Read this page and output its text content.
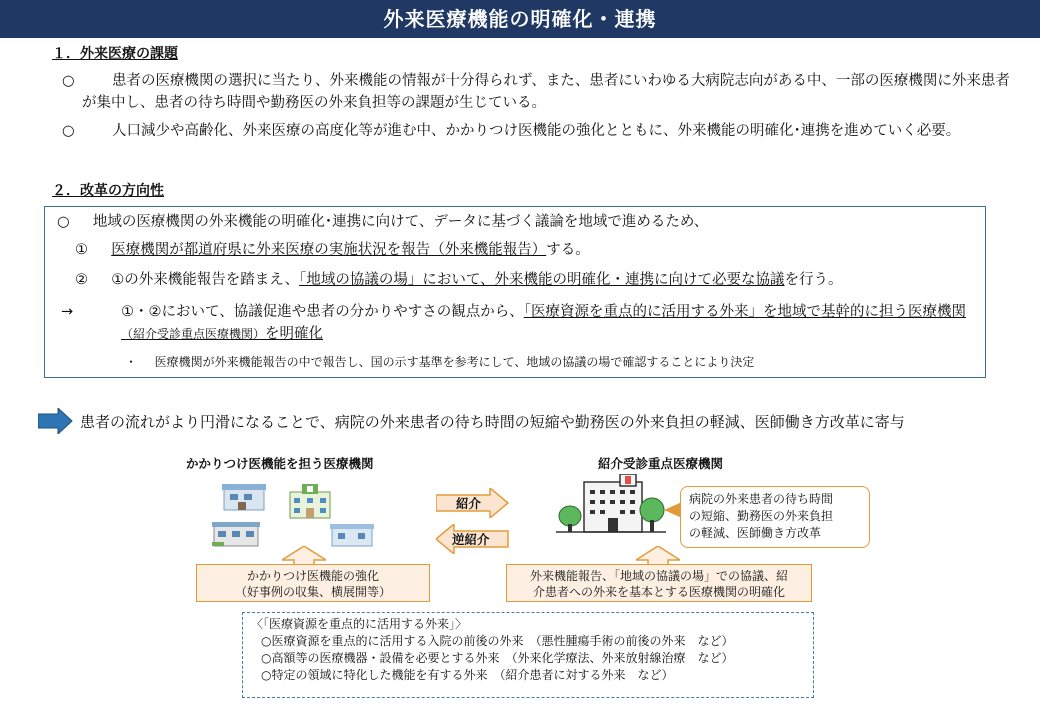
外来医療機能の明確化・連携
１．外来医療の課題
○	患者の医療機関の選択に当たり、外来機能の情報が十分得られず、また、患者にいわゆる大病院志向がある中、一部の医療機関に外来患者が集中し、患者の待ち時間や勤務医の外来負担等の課題が生じている。
○	人口減少や高齢化、外来医療の高度化等が進む中、かかりつけ医機能の強化とともに、外来機能の明確化･連携を進めていく必要。
２．改革の方向性
○ 地域の医療機関の外来機能の明確化･連携に向けて、データに基づく議論を地域で進めるため、
① 医療機関が都道府県に外来医療の実施状況を報告（外来機能報告）する。
② ①の外来機能報告を踏まえ、「地域の協議の場」において、外来機能の明確化・連携に向けて必要な協議を行う。
→	①・②において、協議促進や患者の分かりやすさの観点から、「医療資源を重点的に活用する外来」を地域で基幹的に担う医療機関（紹介受診重点医療機関）を明確化
・ 医療機関が外来機能報告の中で報告し、国の示す基準を参考にして、地域の協議の場で確認することにより決定
患者の流れがより円滑になることで、病院の外来患者の待ち時間の短縮や勤務医の外来負担の軽減、医師働き方改革に寄与
かかりつけ医機能を担う医療機関	紹介受診重点医療機関
紹介
逆紹介
病院の外来患者の待ち時間
の短縮、勤務医の外来負担
の軽減、医師働き方改革
かかりつけ医機能の強化
（好事例の収集、横展開等）
外来機能報告、「地域の協議の場」での協議、紹
介患者への外来を基本とする医療機関の明確化
〈「医療資源を重点的に活用する外来」〉
○医療資源を重点的に活用する入院の前後の外来　（悪性腫瘍手術の前後の外来　など）
○高額等の医療機器・設備を必要とする外来　（外来化学療法、外来放射線治療　など）
○特定の領域に特化した機能を有する外来　（紹介患者に対する外来　など）
